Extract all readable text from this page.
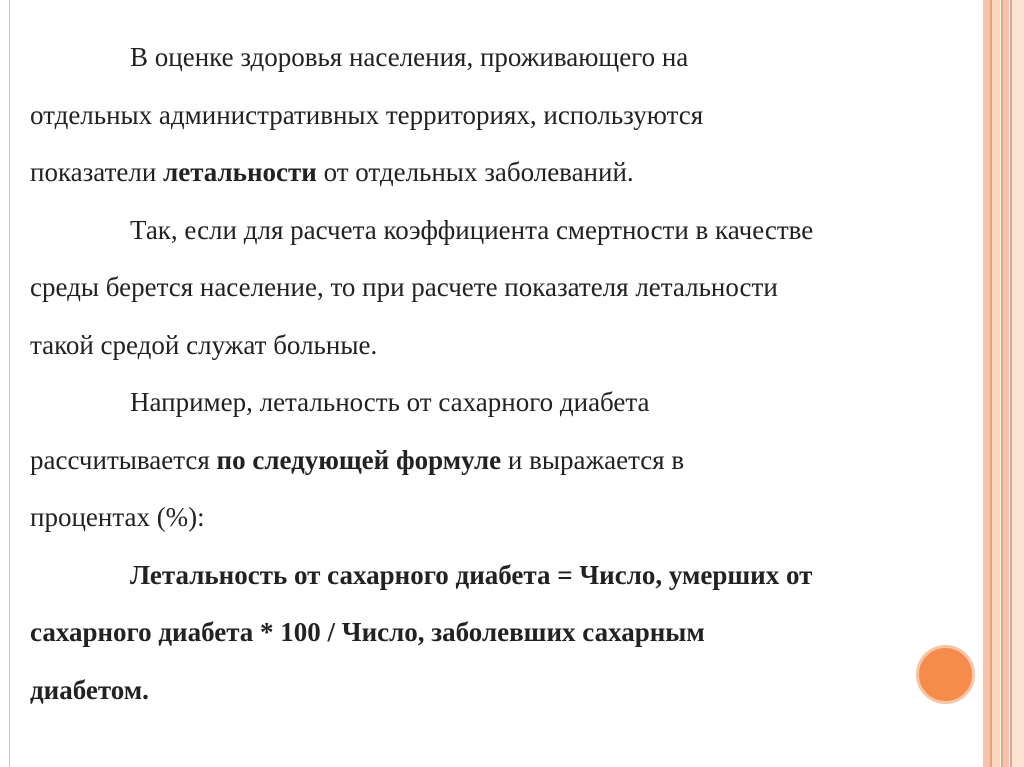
В оценке здоровья населения, проживающего на

отдельных административных территориях, используются

показатели летальности от отдельных заболеваний.

Так, если для расчета коэффициента смертности в качестве

среды берется население, то при расчете показателя летальности

такой средой служат больные.

Например, летальность от сахарного диабета

рассчитывается по следующей формуле и выражается в

процентах (%):

Летальность от сахарного диабета = Число, умерших от

сахарного диабета * 100 / Число, заболевших сахарным

диабетом.
